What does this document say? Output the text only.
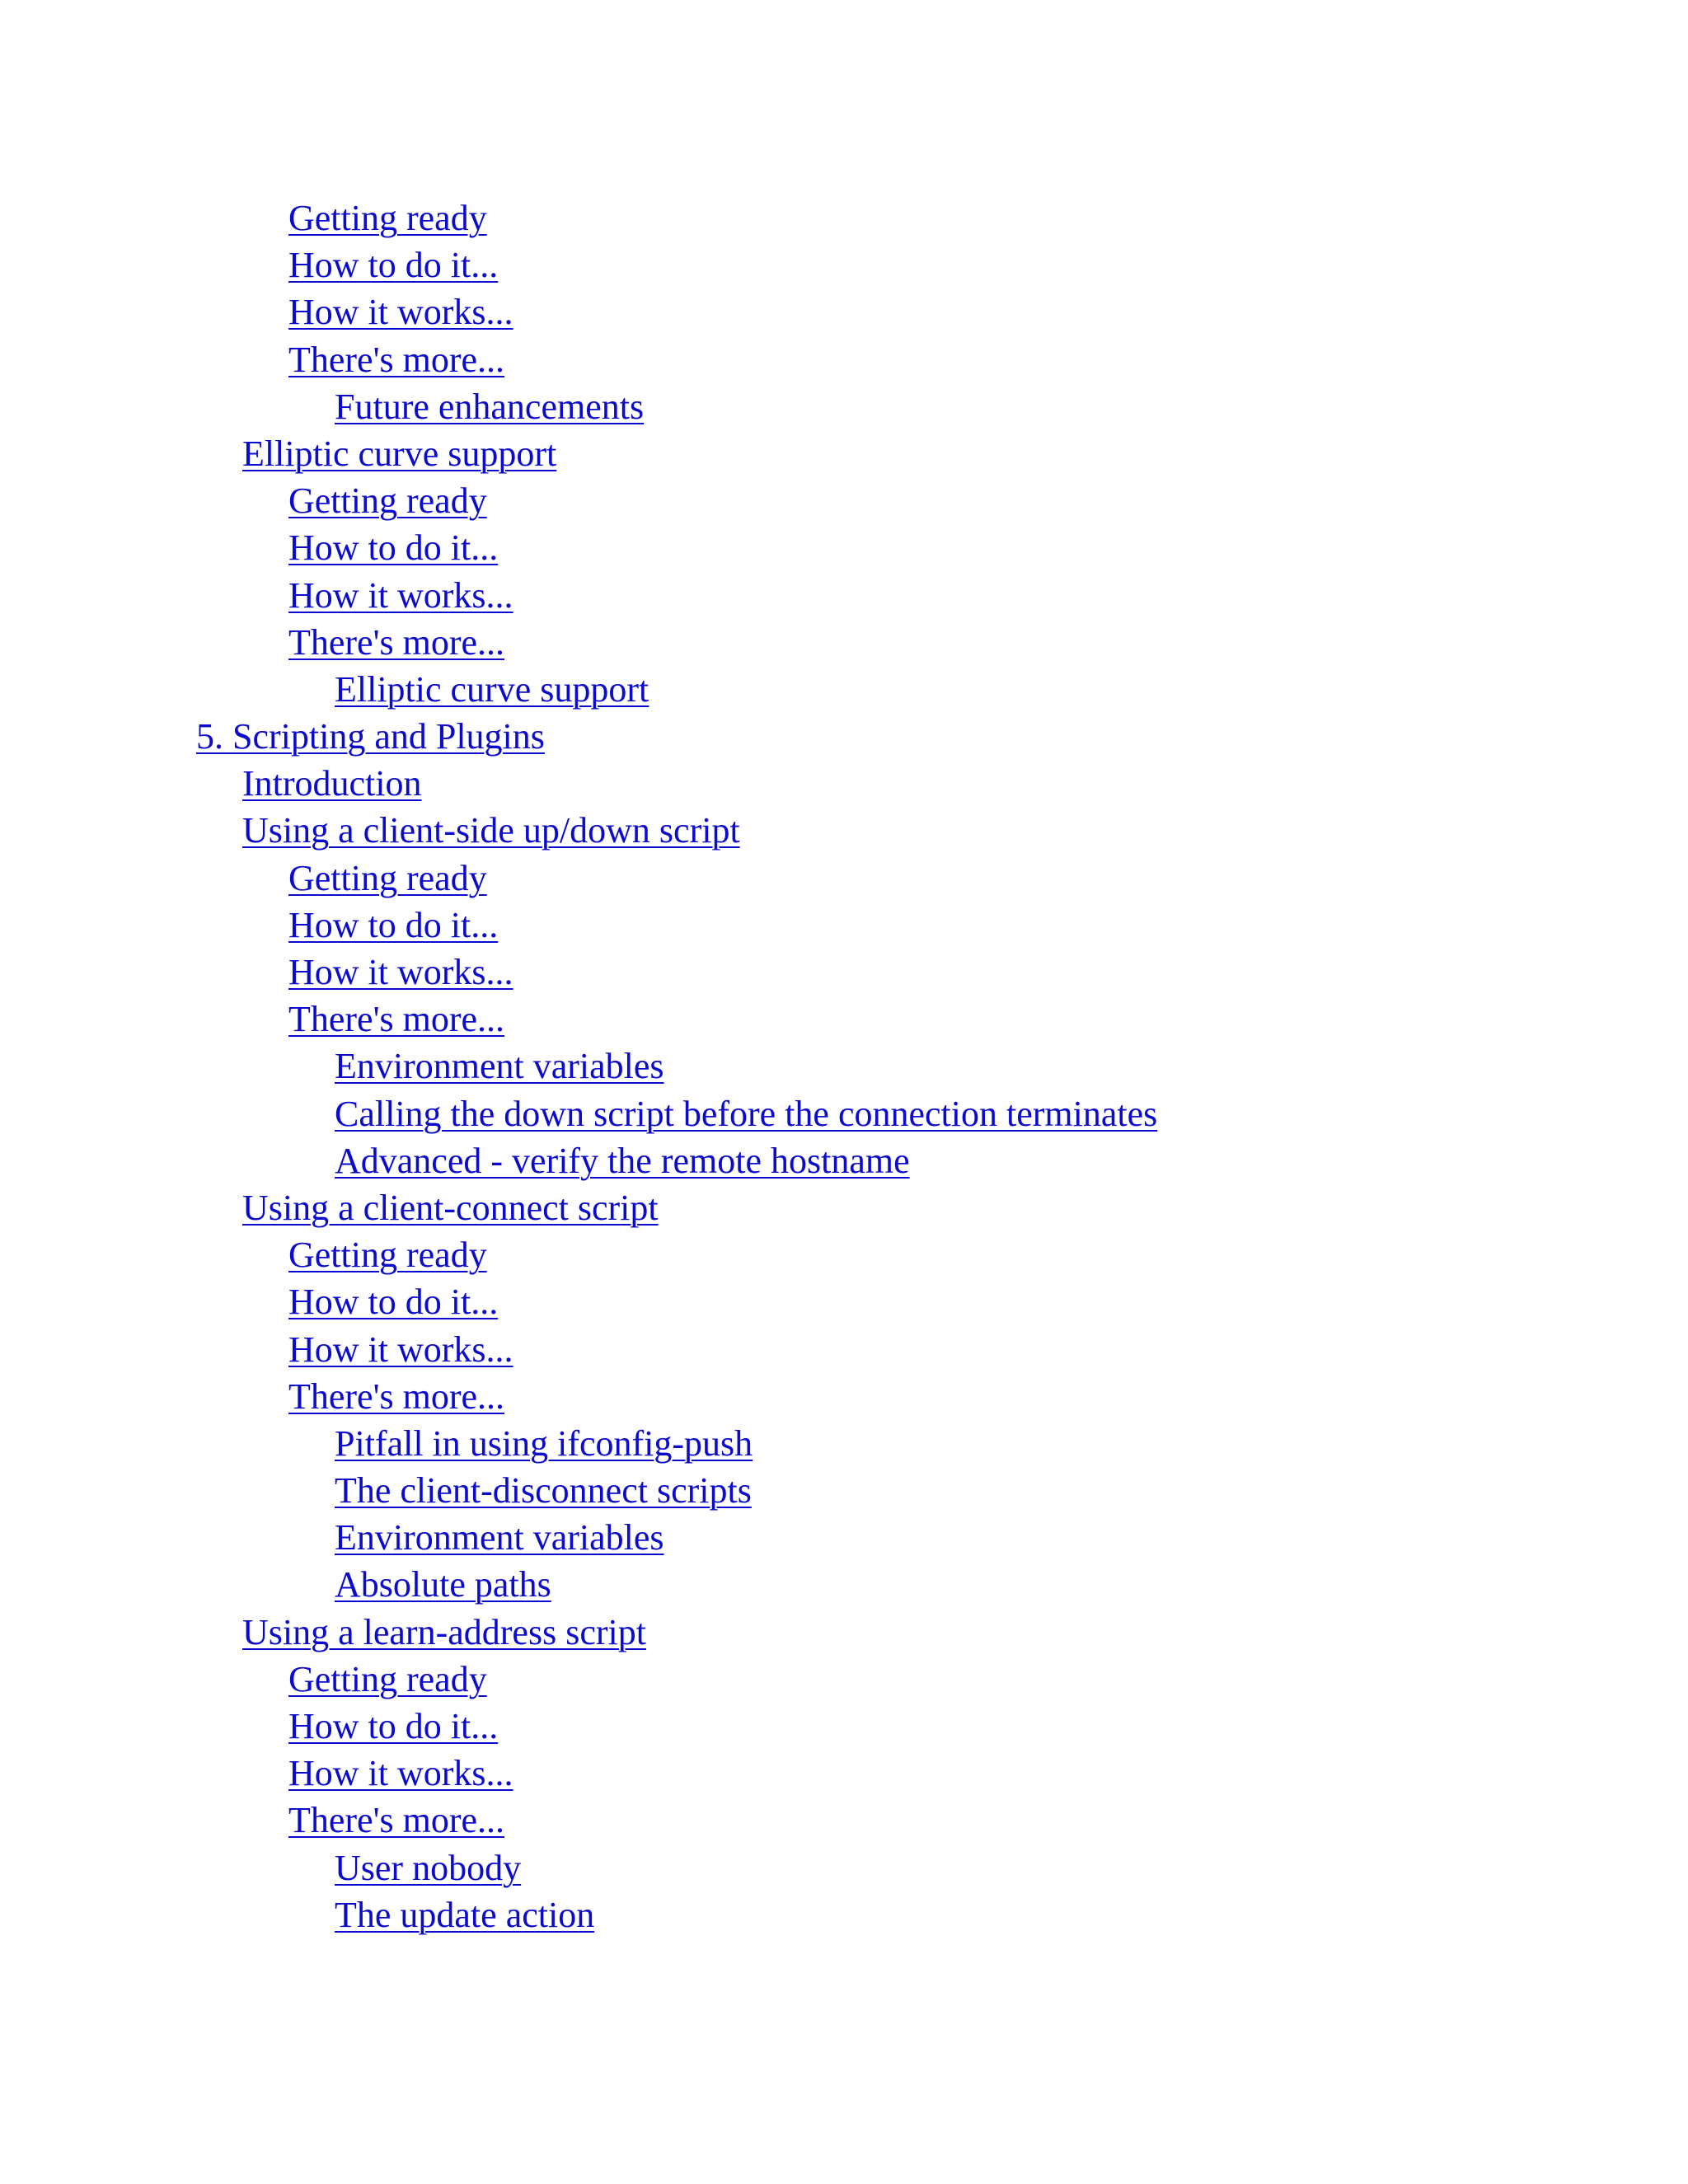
Getting ready
How to do it...
How it works...
There's more...
Future enhancements
Elliptic curve support
Getting ready
How to do it...
How it works...
There's more...
Elliptic curve support
5. Scripting and Plugins
Introduction
Using a client-side up/down script
Getting ready
How to do it...
How it works...
There's more...
Environment variables
Calling the down script before the connection terminates
Advanced - verify the remote hostname
Using a client-connect script
Getting ready
How to do it...
How it works...
There's more...
Pitfall in using ifconfig-push
The client-disconnect scripts
Environment variables
Absolute paths
Using a learn-address script
Getting ready
How to do it...
How it works...
There's more...
User nobody
The update action
